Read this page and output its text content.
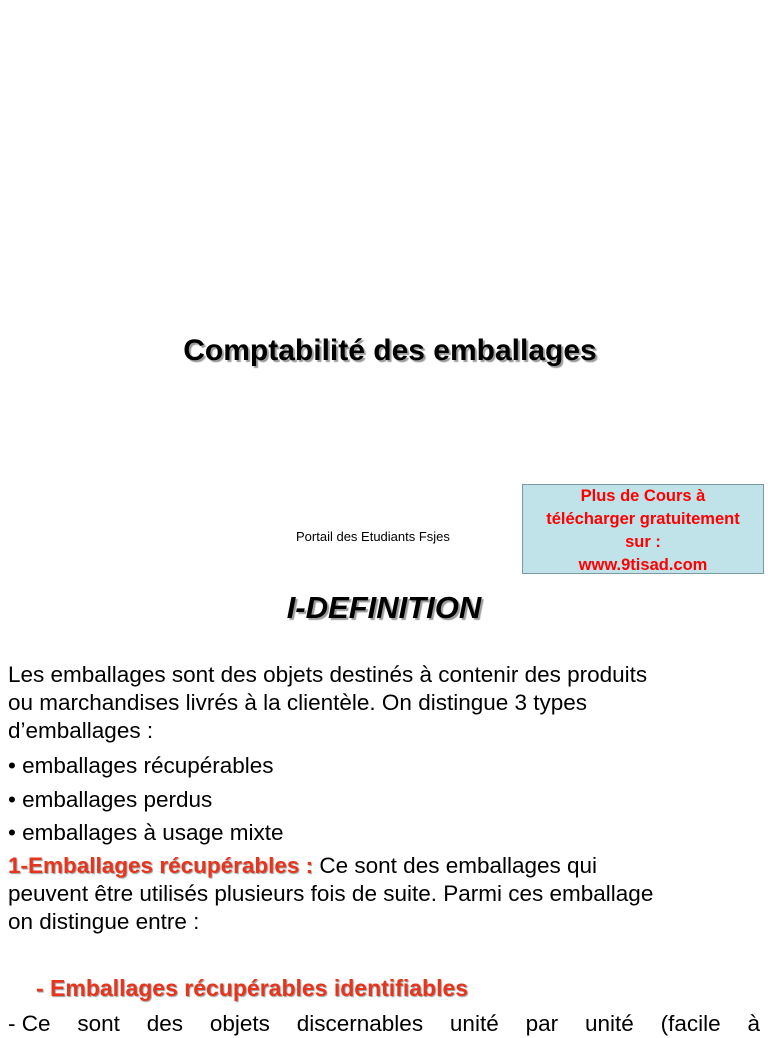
Comptabilité des emballages
Portail des Etudiants Fsjes
Plus de Cours à
télécharger gratuitement
sur :
www.9tisad.com
I-DEFINITION
Les emballages sont des objets destinés à contenir des produits
ou marchandises livrés à la clientèle. On distingue 3 types
d’emballages :
• emballages récupérables
• emballages perdus
• emballages à usage mixte
1-Emballages récupérables : Ce sont des emballages qui
peuvent être utilisés plusieurs fois de suite. Parmi ces emballage
on distingue entre :
- Emballages récupérables identifiables
- Ce sont des objets discernables unité par unité (facile à
